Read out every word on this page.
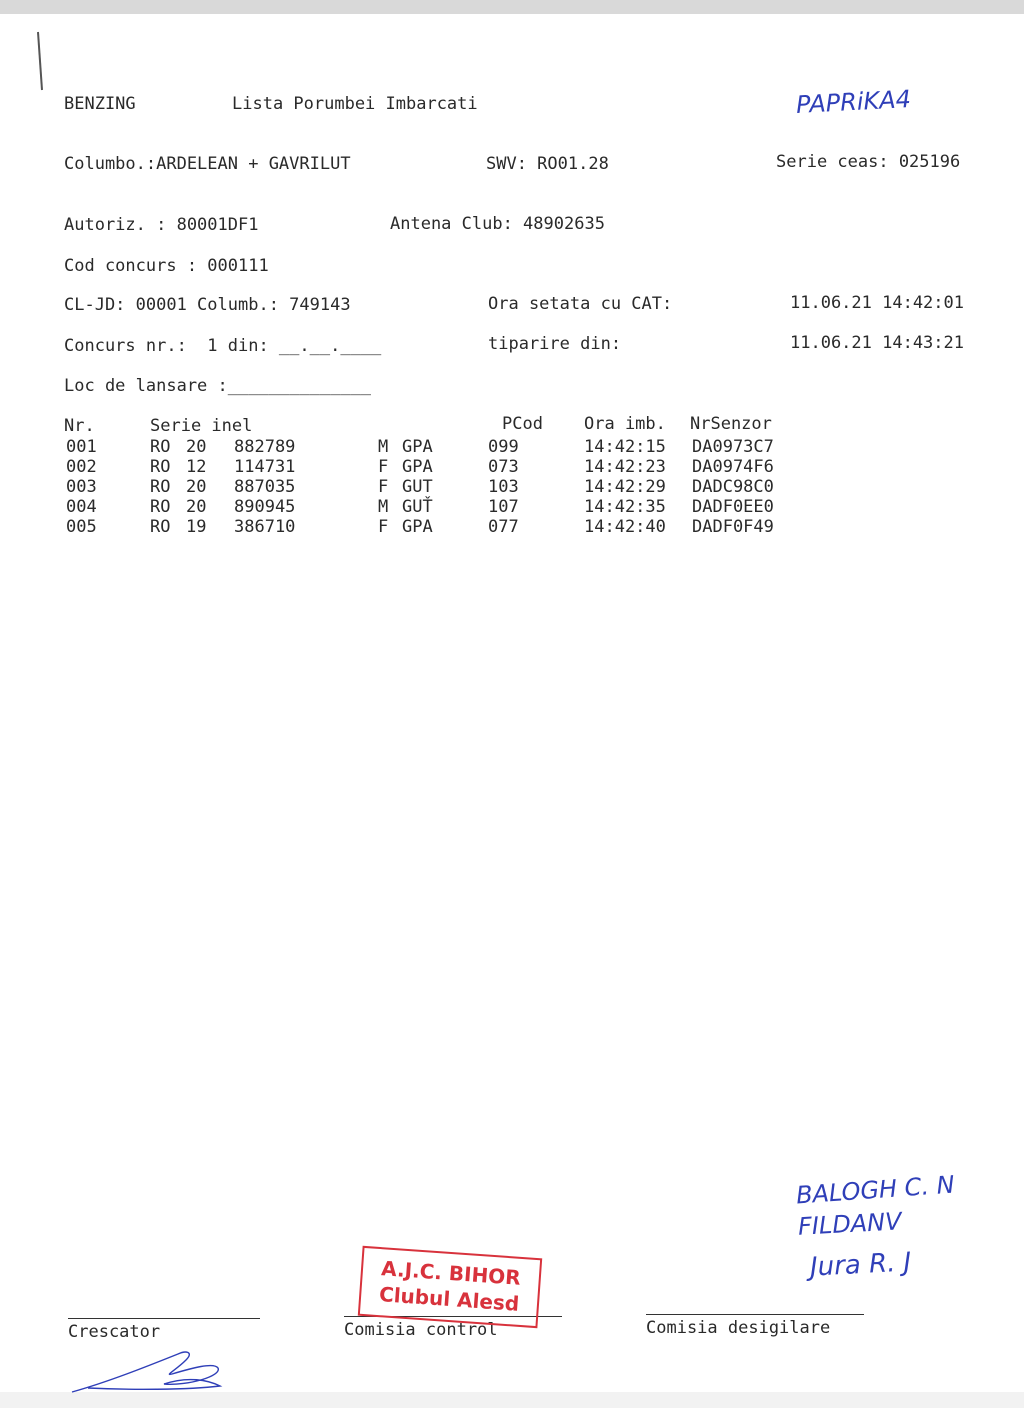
BENZING	Lista Porumbei Imbarcati	PAPRiKA4
Columbo.:ARDELEAN + GAVRILUT	SWV: RO01.28	Serie ceas: 025196
Autoriz. : 80001DF1	Antena Club: 48902635
Cod concurs : 000111
CL-JD: 00001 Columb.: 749143	Ora setata cu CAT:	11.06.21 14:42:01
Concurs nr.:  1 din: __.__.____	tiparire din:	11.06.21 14:43:21
Loc de lansare :______________
Nr.	Serie inel	PCod Ora imb. NrSenzor
001	RO 20 882789	M GPA	099	14:42:15 DA0973C7
002	RO 12 114731	F GPA	073	14:42:23 DA0974F6
003	RO 20 887035	F GUT	103	14:42:29 DADC98C0
004	RO 20 890945	M GUŤ	107	14:42:35 DADF0EE0
005	RO 19 386710	F GPA	077	14:42:40 DADF0F49
Crescator	Comisia control	Comisia desigilare
A.J.C. BIHOR
Clubul Alesd
BALOGH C. N
FILDANV
Jura R. J
